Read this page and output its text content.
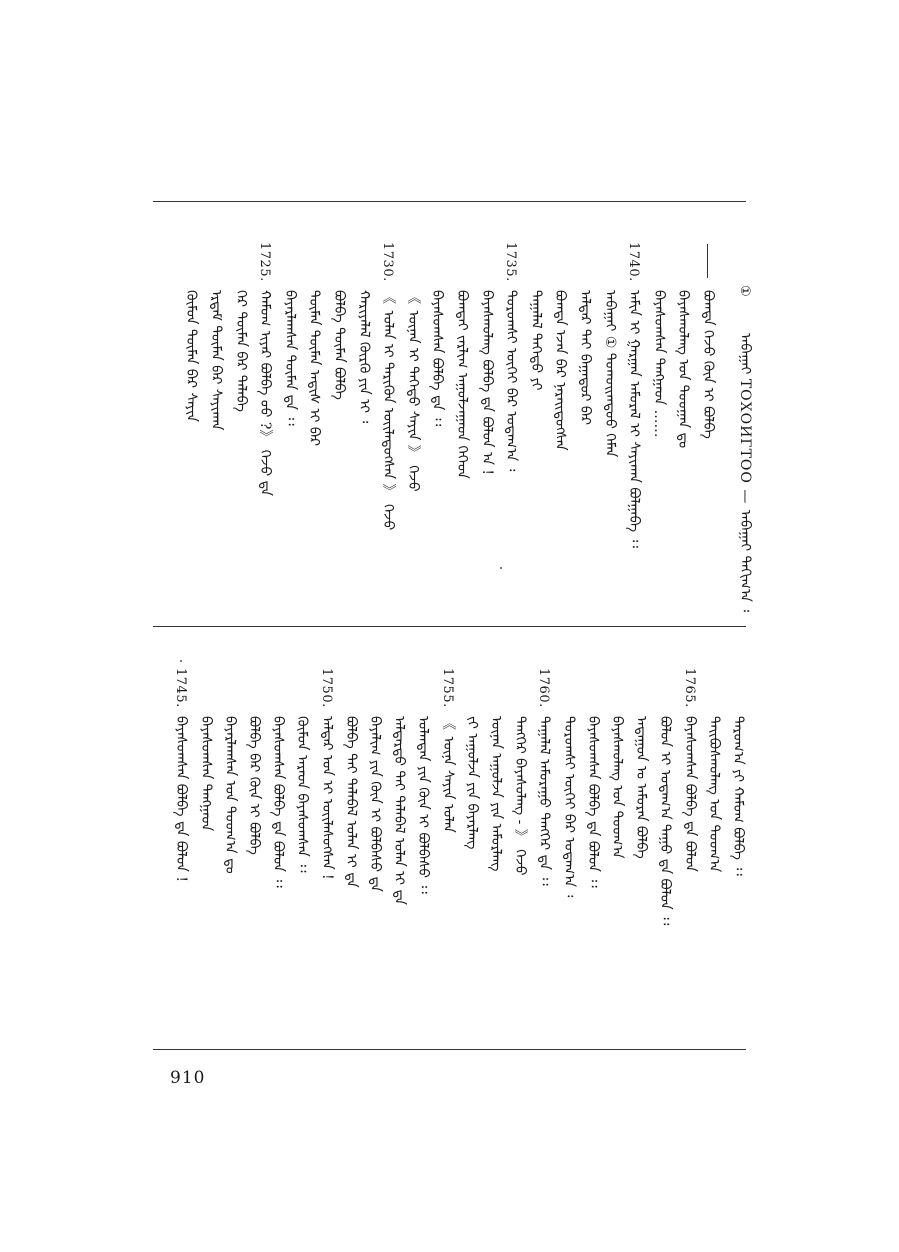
①ᠠᠪᠠᠭᠠᠢ ТОХОИГТОО — ᠠᠪᠠᠭᠠᠢ ᠲᠠᠬᠢᠭ᠎ᠠ ᠄
ᠪᠣᠭᠳᠠ ᠭᠡᠵᠦ ᠬᠦᠨ ᠢ ᠪᠣᠯᠪᠠ
ᠪᠠᠶᠠᠰᠬᠤᠯᠠᠩ ᠤᠨ ᠳᠣᠣᠭᠠᠨ ᠳᠤ
ᠪᠠᠶᠠᠰᠤᠭᠰᠠᠨ ᠲᠠᠩᠭᠠᠳ ……
1740.ᠠᠮᠢᠨ ᠢ ᠭᠠᠷᠭᠠᠨ ᠠᠮᠤᠷᠠᠯ ᠢ ᠰᠠᠶᠢᠬᠠᠨ ᠪᠣᠯᠭᠠᠪᠠ ᠄᠄
ᠠᠪᠠᠭᠠᠢ ① ᠲᠣᠬᠣᠢᠭᠲᠣᠣ ᠬᠡᠮᠡᠨ
ᠠᠯᠳᠠᠷ ᠲᠠᠢ ᠪᠠᠭᠠᠳᠤᠷ ᠪᠠᠷ
ᠪᠣᠭᠳᠠ ᠡᠵᠡᠨ ᠪᠠᠷ ᠨᠡᠷᠡᠢᠳᠦᠭᠰᠡᠨ
ᠲᠠᠭᠠᠯᠠᠯ ᠳᠡᠭᠡᠳᠦ ᠶᠢ
1735.ᠳᠣᠷᠣᠭᠰᠢ ᠦᠭᠡᠢ ᠪᠠᠷ ᠤᠳᠠᠭ᠎ᠠ ᠄
ᠪᠠᠶᠠᠰᠬᠤᠯᠠᠩ ᠪᠣᠯᠪᠠ ᠳᠡ ᠪᠣᠯᠤᠨ ᠠ !
ᠪᠣᠭᠳᠠᠢ ᠵᠠᠷᠯᠢᠭ ᠠᠭᠤᠯᠵᠠᠭᠠᠳ ᠬᠡᠭᠡᠳ
ᠪᠠᠶᠠᠰᠤᠭᠰᠠᠨ ᠪᠣᠯᠪᠠ ᠳᠡ ᠄᠄
《 ᠦᠨᠡᠨ ᠢ ᠳᠡᠭᠡᠳᠦ ᠰᠠᠶᠢᠨ 》 ᠭᠡᠵᠦ
1730.《 ᠣᠯᠠᠨ ᠢ ᠲᠡᠷᠢᠭᠦᠨ ᠦᠢᠯᠡᠳᠦᠭᠰᠡᠨ 》 ᠭᠡᠵᠦ
ᠬᠠᠷᠢᠶᠠᠯᠠᠯ ᠬᠦᠷᠬᠦ ᠶᠢᠨ ᠢ ᠄
ᠪᠣᠯᠪᠠ ᠲᠦᠮᠡᠨ ᠪᠣᠯᠪᠠ
ᠲᠦᠮᠡᠨ ᠲᠦᠮᠡᠨ ᠠᠳᠢᠰ ᠢ ᠪᠡᠷ
ᠪᠠᠶᠠᠷᠯᠠᠭᠰᠠᠨ ᠲᠦᠮᠡᠨ ᠳᠡ ᠄᠄
1725.ᠬᠠᠮᠤᠭ ᠢᠶᠠᠷ ᠪᠣᠯᠪᠠ ᠤᠤ ?》 ᠭᠡᠵᠦ ᠳᠡ
ᠭᠡᠷ ᠲᠦᠮᠡᠨ ᠪᠠᠷ ᠲᠠᠯᠠᠪᠠ
ᠡᠷᠳᠡᠮ ᠲᠦᠮᠡᠨ ᠪᠠᠷ ᠰᠠᠶᠢᠬᠠᠨ
ᠬᠦᠮᠦᠨ ᠲᠦᠮᠡᠨ ᠪᠠᠷ ᠰᠠᠶᠢᠨ
ᠳᠠᠷᠤᠭ᠎ᠠ ᠶᠢ ᠬᠠᠮᠤᠭ ᠪᠣᠯᠪᠠ ᠄᠄
ᠲᠠᠢᠪᠣᠰᠬᠤᠯᠠᠩ ᠤᠨ ᠳᠣᠣᠭ᠎ᠠ
1765.ᠪᠠᠶᠠᠰᠤᠭᠰᠠᠨ ᠪᠣᠯᠪᠠ ᠳᠡ ᠪᠣᠯᠤᠨ
ᠪᠣᠯᠤᠨ ᠢ ᠤᠳᠠᠭ᠎ᠠ ᠳᠠᠭᠤ ᠳᠡ ᠪᠣᠯᠤᠨ ᠄᠄
ᠠᠳᠠᠭᠤᠨ ᠤ ᠠᠮᠤᠷᠠᠨ ᠪᠣᠯᠪᠠ
ᠪᠠᠶᠠᠰᠬᠤᠯᠠᠩ ᠤᠨ ᠳᠣᠣᠭ᠎ᠠ
ᠪᠠᠶᠠᠰᠤᠭᠰᠠᠨ ᠪᠣᠯᠪᠠ ᠳᠡ ᠪᠣᠯᠤᠨ ᠄᠄
ᠳᠣᠷᠣᠭᠰᠢ ᠦᠭᠡᠢ ᠪᠠᠷ ᠤᠳᠠᠭ᠎ᠠ ᠄
1760.ᠲᠠᠭᠠᠯᠠᠯ ᠠᠮᠤᠷᠠᠭᠤ ᠲᠡᠩᠭᠡᠷ ᠳᠡ ᠄᠄
ᠲᠡᠩᠭᠡᠷ ᠪᠠᠶᠠᠰᠤᠯᠠᠩ ‑ 》 ᠭᠡᠵᠦ
ᠦᠨᠡᠨ ᠠᠭᠤᠯᠵᠠ ᠶᠢᠨ ᠠᠮᠤᠷᠯᠠᠩ
ᠵᠢ ᠠᠭᠤᠯᠵᠠ ᠶᠢᠨ ᠪᠠᠶᠠᠷᠯᠠᠩ
1755.《 ᠦᠨᠡ ᠰᠠᠶᠢᠨ ᠣᠯᠠᠨ
ᠣᠯᠠᠨᠲᠠᠨ ᠶᠢᠨ ᠬᠦᠨ ᠢ ᠪᠣᠯᠪᠠᠰᠤ ᠄᠄
ᠠᠯᠳᠠᠷᠲᠤ ᠲᠠᠢ ᠲᠠᠯᠠᠪᠠᠯ ᠣᠯᠠᠨ ᠢ ᠳᠡ
ᠪᠠᠶᠠᠯᠢᠭ ᠶᠢᠨ ᠬᠦᠨ ᠢ ᠪᠣᠯᠪᠠᠰᠤ ᠳᠡ
ᠪᠣᠯᠪᠠ ᠲᠠᠢ ᠲᠠᠯᠠᠪᠠᠯ ᠣᠯᠠᠨ ᠢ ᠳᠡ
1750.ᠠᠯᠳᠠᠷ ᠤᠨ ᠢ ᠦᠢᠯᠡᠰᠦᠭᠰᠡᠨ !
ᠬᠦᠮᠦᠨ ᠠᠷᠠᠳ ᠪᠠᠶᠠᠰᠤᠭᠰᠠᠨ ᠄᠄
ᠪᠠᠶᠠᠰᠤᠭᠰᠠᠨ ᠪᠣᠯᠪᠠ ᠳᠡ ᠪᠣᠯᠤᠨ ᠄᠄
ᠪᠣᠯᠪᠠ ᠪᠠᠷ ᠬᠦᠨ ᠢ ᠪᠣᠯᠪᠠ
ᠪᠠᠶᠠᠷᠯᠠᠭᠰᠠᠨ ᠤᠨ ᠳᠣᠣᠭ᠎ᠠ ᠳᠤ
ᠪᠠᠶᠠᠰᠤᠭᠰᠠᠨ ᠲᠠᠩᠭᠠᠳ
1745.ᠪᠠᠶᠠᠰᠤᠭᠰᠠᠨ ᠪᠣᠯᠪᠠ ᠳᠡ ᠪᠣᠯᠤᠨ !
910
